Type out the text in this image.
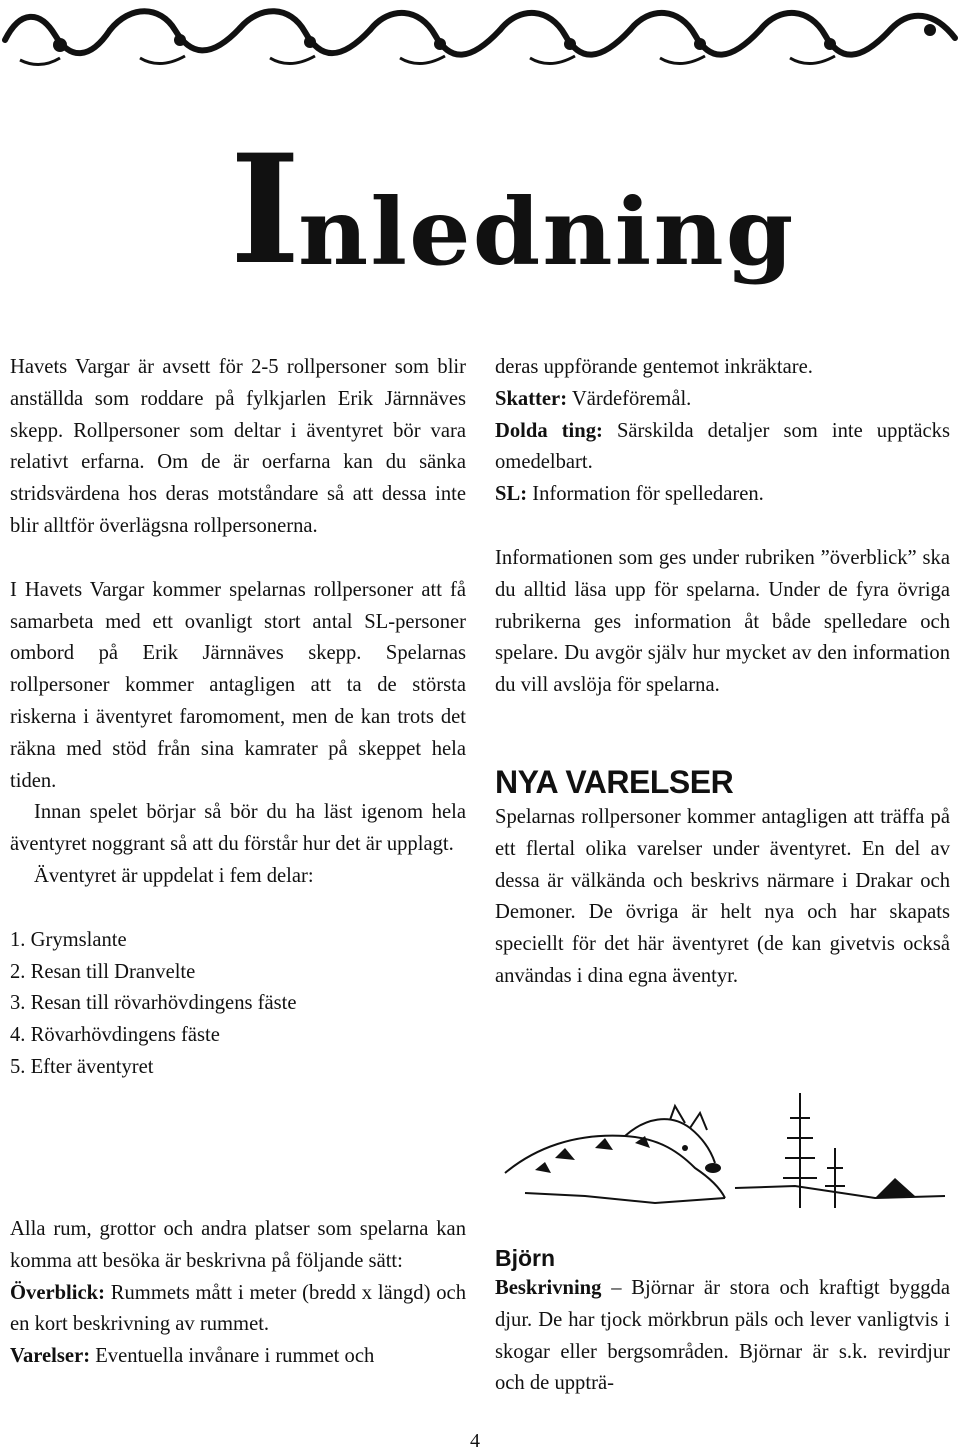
I nledning

Havets Vargar är avsett för 2-5 rollpersoner som blir anställda som roddare på fylkjarlen Erik Järnnäves skepp. Rollpersoner som deltar i äventyret bör vara relativt erfarna. Om de är oerfarna kan du sänka stridsvärdena hos deras motståndare så att dessa inte blir alltför överlägsna rollpersonerna.

I Havets Vargar kommer spelarnas rollpersoner att få samarbeta med ett ovanligt stort antal SL-personer ombord på Erik Järnnäves skepp. Spelarnas rollpersoner kommer antagligen att ta de största riskerna i äventyret faromoment, men de kan trots det räkna med stöd från sina kamrater på skeppet hela tiden.

Innan spelet börjar så bör du ha läst igenom hela äventyret noggrant så att du förstår hur det är upplagt.

Äventyret är uppdelat i fem delar:

1. Grymslante

2. Resan till Dranvelte

3. Resan till rövarhövdingens fäste

4. Rövarhövdingens fäste

5. Efter äventyret

Alla rum, grottor och andra platser som spelarna kan komma att besöka är beskrivna på följande sätt:

Överblick: Rummets mått i meter (bredd x längd) och en kort beskrivning av rummet.

Varelser: Eventuella invånare i rummet och

deras uppförande gentemot inkräktare.

Skatter: Värdeföremål.

Dolda ting: Särskilda detaljer som inte upptäcks omedelbart.

SL: Information för spelledaren.

Informationen som ges under rubriken ”överblick” ska du alltid läsa upp för spelarna. Under de fyra övriga rubrikerna ges information åt både spelledare och spelare. Du avgör själv hur mycket av den information du vill avslöja för spelarna.

NYA VARELSER

Spelarnas rollpersoner kommer antagligen att träffa på ett flertal olika varelser under äventyret. En del av dessa är välkända och beskrivs närmare i Drakar och Demoner. De övriga är helt nya och har skapats speciellt för det här äventyret (de kan givetvis också användas i dina egna äventyr.

Björn

Beskrivning – Björnar är stora och kraftigt byggda djur. De har tjock mörkbrun päls och lever vanligtvis i skogar eller bergsområden. Björnar är s.k. revirdjur och de uppträ-

4
